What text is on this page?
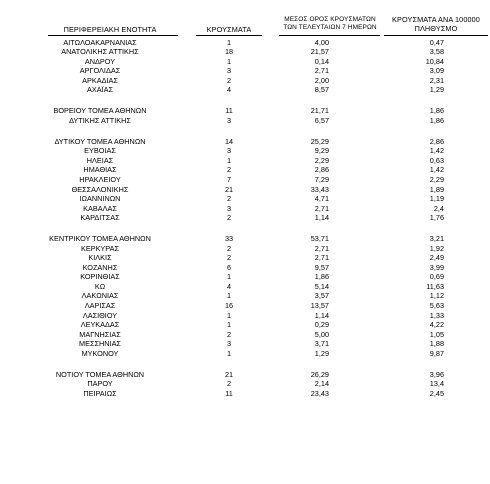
ΠΕΡΙΦΕΡΕΙΑΚΗ ΕΝΟΤΗΤΑ	ΚΡΟΥΣΜΑΤΑ
ΜΕΣΟΣ ΟΡΟΣ ΚΡΟΥΣΜΑΤΩΝ
ΤΩΝ ΤΕΛΕΥΤΑΙΩΝ 7 ΗΜΕΡΩΝ
ΚΡΟΥΣΜΑΤΑ ΑΝΑ 100000
ΠΛΗΘΥΣΜΟ
ΑΙΤΩΛΟΑΚΑΡΝΑΝΙΑΣ	1	4,00	0,47
ΑΝΑΤΟΛΙΚΗΣ ΑΤΤΙΚΗΣ	18	21,57	3,58
ΑΝΔΡΟΥ	1	0,14	10,84
ΑΡΓΟΛΙΔΑΣ	3	2,71	3,09
ΑΡΚΑΔΙΑΣ	2	2,00	2,31
ΑΧΑΪΑΣ	4	8,57	1,29
ΒΟΡΕΙΟΥ ΤΟΜΕΑ ΑΘΗΝΩΝ	11	21,71	1,86
ΔΥΤΙΚΗΣ ΑΤΤΙΚΗΣ	3	6,57	1,86
ΔΥΤΙΚΟΥ ΤΟΜΕΑ ΑΘΗΝΩΝ	14	25,29	2,86
ΕΥΒΟΙΑΣ	3	9,29	1,42
ΗΛΕΙΑΣ	1	2,29	0,63
ΗΜΑΘΙΑΣ	2	2,86	1,42
ΗΡΑΚΛΕΙΟΥ	7	7,29	2,29
ΘΕΣΣΑΛΟΝΙΚΗΣ	21	33,43	1,89
ΙΩΑΝΝΙΝΩΝ	2	4,71	1,19
ΚΑΒΑΛΑΣ	3	2,71	2,4
ΚΑΡΔΙΤΣΑΣ	2	1,14	1,76
ΚΕΝΤΡΙΚΟΥ ΤΟΜΕΑ ΑΘΗΝΩΝ	33	53,71	3,21
ΚΕΡΚΥΡΑΣ	2	2,71	1,92
ΚΙΛΚΙΣ	2	2,71	2,49
ΚΟΖΑΝΗΣ	6	9,57	3,99
ΚΟΡΙΝΘΙΑΣ	1	1,86	0,69
ΚΩ	4	5,14	11,63
ΛΑΚΩΝΙΑΣ	1	3,57	1,12
ΛΑΡΙΣΑΣ	16	13,57	5,63
ΛΑΣΙΘΙΟΥ	1	1,14	1,33
ΛΕΥΚΑΔΑΣ	1	0,29	4,22
ΜΑΓΝΗΣΙΑΣ	2	5,00	1,05
ΜΕΣΣΗΝΙΑΣ	3	3,71	1,88
ΜΥΚΟΝΟΥ	1	1,29	9,87
ΝΟΤΙΟΥ ΤΟΜΕΑ ΑΘΗΝΩΝ	21	26,29	3,96
ΠΑΡΟΥ	2	2,14	13,4
ΠΕΙΡΑΙΩΣ	11	23,43	2,45
